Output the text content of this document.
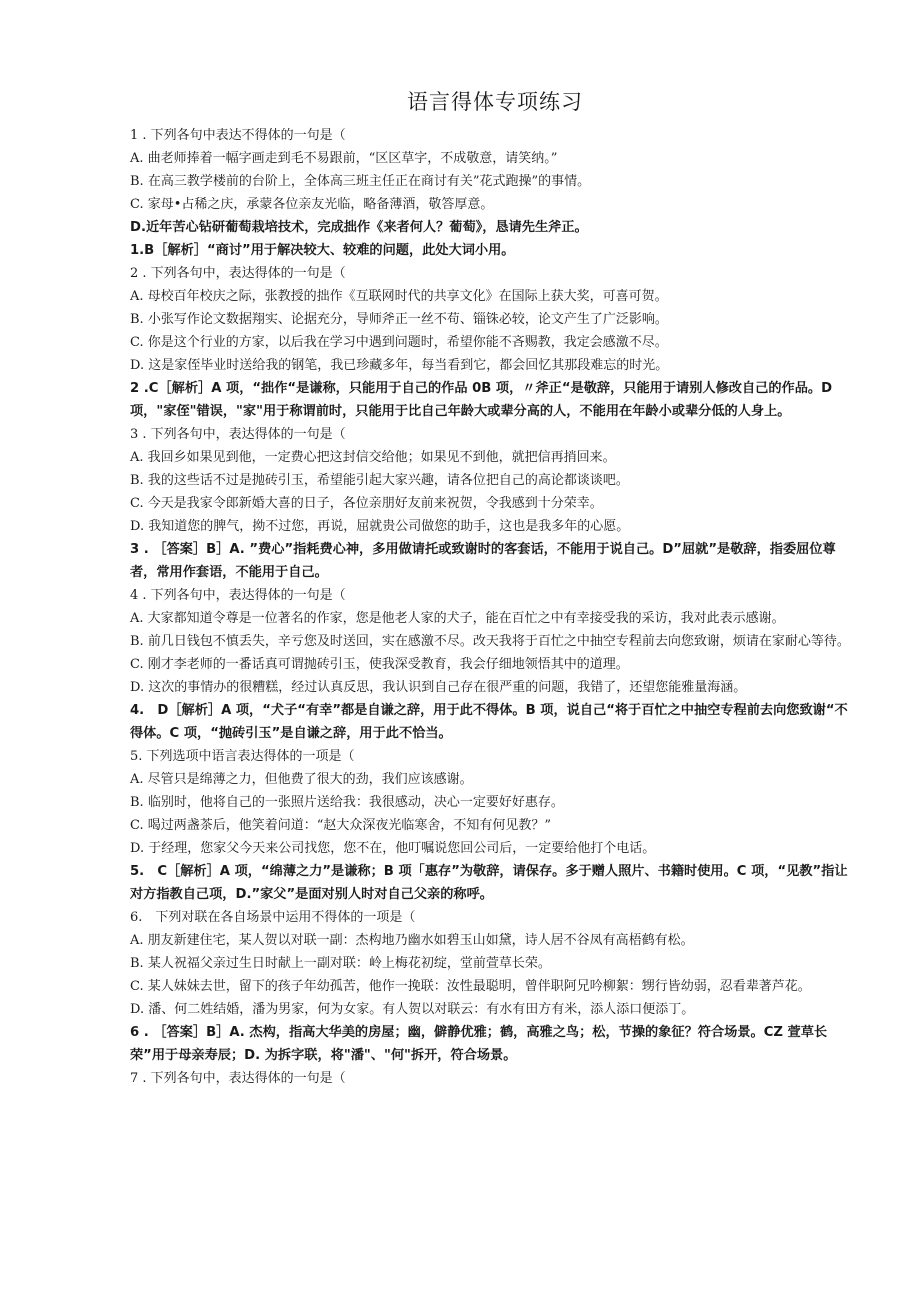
语言得体专项练习
1 . 下列各句中表达不得体的一句是（
A. 曲老师捧着一幅字画走到毛不易跟前，“区区草字，不成敬意，请笑纳。”
B. 在高三教学楼前的台阶上，全体高三班主任正在商讨有关”花式跑操”的事情。
C. 家母•占稀之庆，承蒙各位亲友光临，略备薄酒，敬答厚意。
D.近年苦心钻研葡萄栽培技术，完成拙作《来者何人？葡萄》，恳请先生斧正。
1.B［解析］“商讨”用于解决较大、较难的问题，此处大词小用。
2 . 下列各句中，表达得体的一句是（
A. 母校百年校庆之际，张教授的拙作《互联网时代的共享文化》在国际上获大奖，可喜可贺。
B. 小张写作论文数据翔实、论据充分，导师斧正一丝不苟、锱铢必较，论文产生了广泛影响。
C. 你是这个行业的方家，以后我在学习中遇到问题时，希望你能不吝赐教，我定会感激不尽。
D. 这是家侄毕业时送给我的钢笔，我已珍藏多年，每当看到它，都会回忆其那段难忘的时光。
2 .C［解析］A 项，“拙作“是谦称，只能用于自己的作品 0B 项，〃斧正“是敬辞，只能用于请别人修改自己的作品。D 项，"家侄"错误，"家"用于称谓前时，只能用于比自己年龄大或辈分高的人，不能用在年龄小或辈分低的人身上。
3 . 下列各句中，表达得体的一句是（
A. 我回乡如果见到他，一定费心把这封信交给他；如果见不到他，就把信再捎回来。
B. 我的这些话不过是抛砖引玉，希望能引起大家兴趣，请各位把自己的高论都谈谈吧。
C. 今天是我家令郎新婚大喜的日子，各位亲朋好友前来祝贺，令我感到十分荣幸。
D. 我知道您的脾气，拗不过您，再说，屈就贵公司做您的助手，这也是我多年的心愿。
3 . ［答案］B］A. ”费心”指耗费心神，多用做请托或致谢时的客套话，不能用于说自己。D”屈就”是敬辞，指委屈位尊者，常用作套语，不能用于自己。
4 . 下列各句中，表达得体的一句是（
A. 大家都知道令尊是一位著名的作家，您是他老人家的犬子，能在百忙之中有幸接受我的采访，我对此表示感谢。
B. 前几日钱包不慎丢失，辛亏您及时送回，实在感激不尽。改天我将于百忙之中抽空专程前去向您致谢，烦请在家耐心等待。
C. 刚才李老师的一番话真可谓抛砖引玉，使我深受教育，我会仔细地领悟其中的道理。
D. 这次的事情办的很糟糕，经过认真反思，我认识到自己存在很严重的问题，我错了，还望您能雅量海涵。
4.　D［解析］A 项，“犬子“有幸”都是自谦之辞，用于此不得体。B 项，说自己“将于百忙之中抽空专程前去向您致谢“不得体。C 项，“抛砖引玉”是自谦之辞，用于此不恰当。
5. 下列选项中语言表达得体的一项是（
A. 尽管只是绵薄之力，但他费了很大的劲，我们应该感谢。
B. 临别时，他将自己的一张照片送给我：我很感动，决心一定要好好惠存。
C. 喝过两盏茶后，他笑着问道：“赵大众深夜光临寒舍，不知有何见教？”
D. 于经理，您家父今天来公司找您，您不在，他叮嘱说您回公司后，一定要给他打个电话。
5.　C［解析］A 项，“绵薄之力”是谦称；B 项「惠存”为敬辞，请保存。多于赠人照片、书籍时使用。C 项，“见教”指让对方指教自己项，D.”家父”是面对别人时对自己父亲的称呼。
6.　下列对联在各自场景中运用不得体的一项是（
A. 朋友新建住宅，某人贺以对联一副：杰构地乃幽水如碧玉山如黛，诗人居不谷凤有高梧鹤有松。
B. 某人祝福父亲过生日时献上一副对联：岭上梅花初绽，堂前萱草长荣。
C. 某人妹妹去世，留下的孩子年幼孤苦，他作一挽联：汝性最聪明，曾伴职阿兄吟柳絮：甥行皆幼弱，忍看辈著芦花。
D. 潘、何二姓结婚，潘为男家，何为女家。有人贺以对联云：有水有田方有米，添人添口便添丁。
6 . ［答案］B］A. 杰构，指高大华美的房屋；幽，僻静优雅；鹤，高雅之鸟；松，节操的象征？符合场景。CZ 萱草长荣”用于母亲寿辰；D. 为拆字联，将"潘"、"何"拆开，符合场景。
7 . 下列各句中，表达得体的一句是（
